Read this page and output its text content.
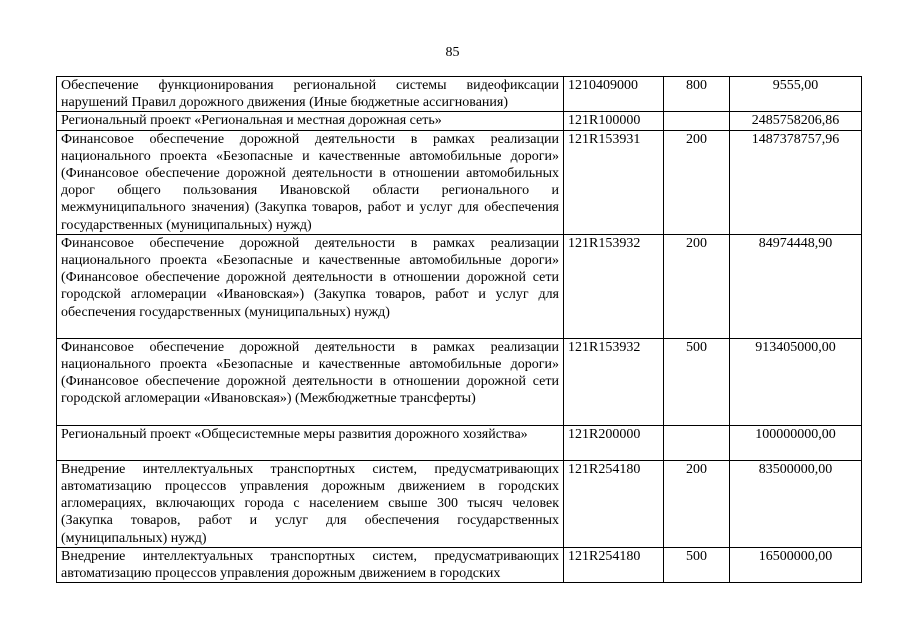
85
Обеспечение функционирования региональной системы видеофиксации нарушений Правил дорожного движения (Иные бюджетные ассигнования)	1210409000	800	9555,00
Региональный проект «Региональная и местная дорожная сеть»	121R100000		2485758206,86
Финансовое обеспечение дорожной деятельности в рамках реализации национального проекта «Безопасные и качественные автомобильные дороги» (Финансовое обеспечение дорожной деятельности в отношении автомобильных дорог общего пользования Ивановской области регионального и межмуниципального значения) (Закупка товаров, работ и услуг для обеспечения государственных (муниципальных) нужд)	121R153931	200	1487378757,96
Финансовое обеспечение дорожной деятельности в рамках реализации национального проекта «Безопасные и качественные автомобильные дороги» (Финансовое обеспечение дорожной деятельности в отношении дорожной сети городской агломерации «Ивановская») (Закупка товаров, работ и услуг для обеспечения государственных (муниципальных) нужд)	121R153932	200	84974448,90
Финансовое обеспечение дорожной деятельности в рамках реализации национального проекта «Безопасные и качественные автомобильные дороги» (Финансовое обеспечение дорожной деятельности в отношении дорожной сети городской агломерации «Ивановская») (Межбюджетные трансферты)	121R153932	500	913405000,00
Региональный проект «Общесистемные меры развития дорожного хозяйства»	121R200000		100000000,00
Внедрение интеллектуальных транспортных систем, предусматривающих автоматизацию процессов управления дорожным движением в городских агломерациях, включающих города с населением свыше 300 тысяч человек (Закупка товаров, работ и услуг для обеспечения государственных (муниципальных) нужд)	121R254180	200	83500000,00
Внедрение интеллектуальных транспортных систем, предусматривающих автоматизацию процессов управления дорожным движением в городских	121R254180	500	16500000,00
